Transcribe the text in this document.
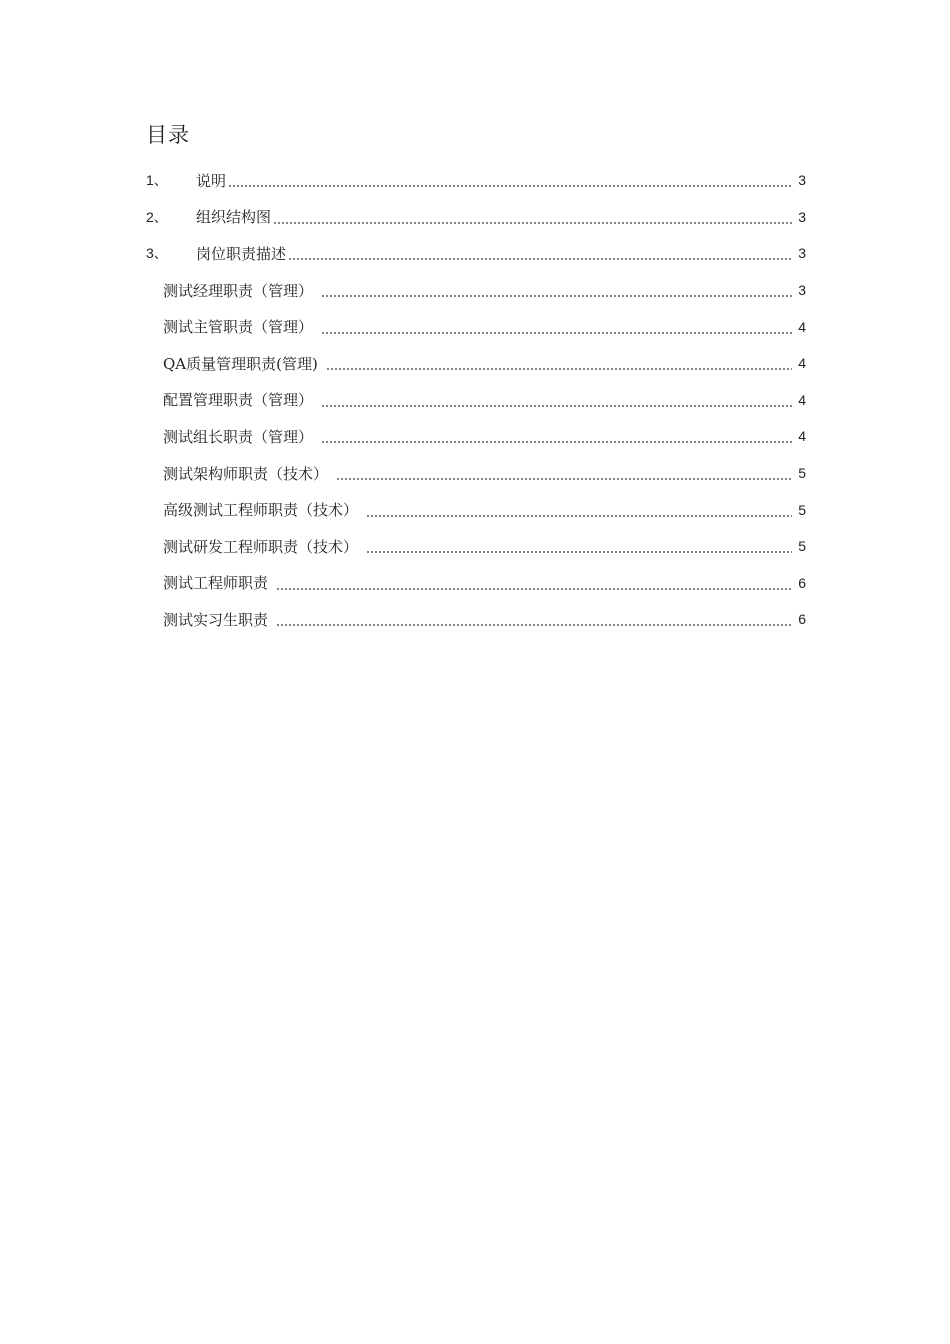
目录
1、	说明	3
2、	组织结构图	3
3、	岗位职责描述	3
测试经理职责（管理）	3
测试主管职责（管理）	4
QA质量管理职责(管理)	4
配置管理职责（管理）	4
测试组长职责（管理）	4
测试架构师职责（技术）	5
高级测试工程师职责（技术）	5
测试研发工程师职责（技术）	5
测试工程师职责	6
测试实习生职责	6
